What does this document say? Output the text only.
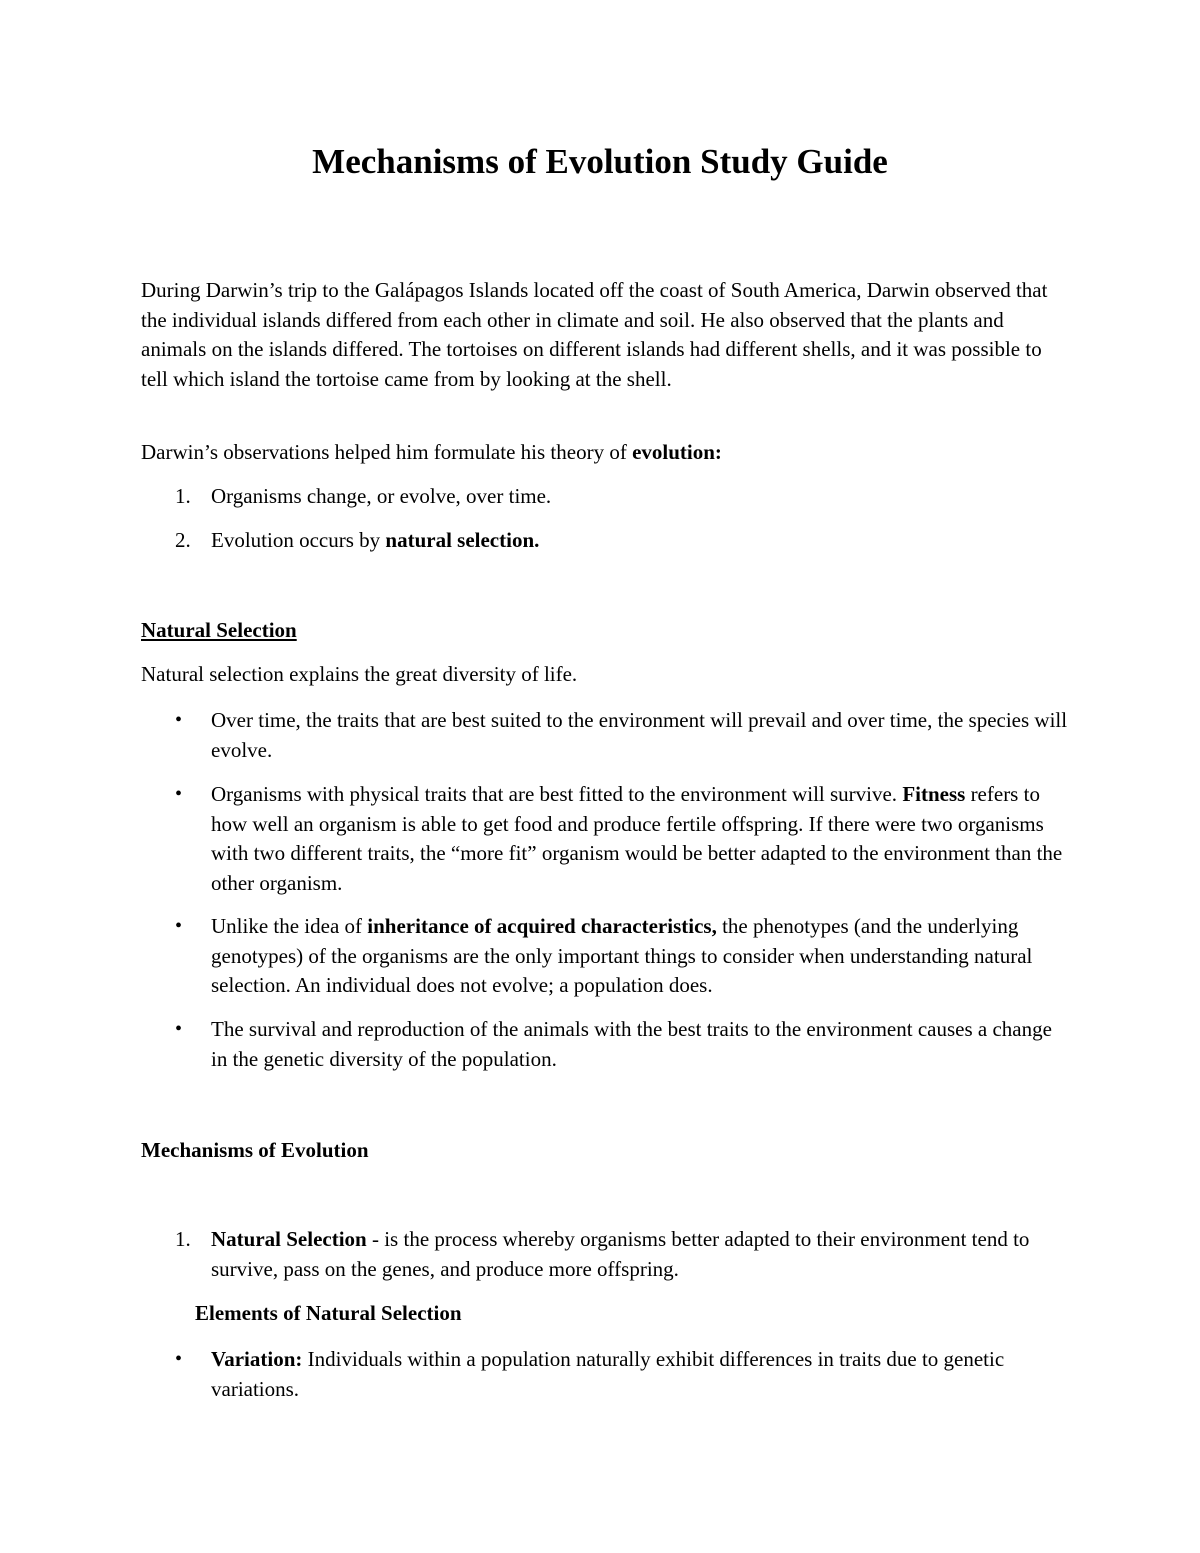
Mechanisms of Evolution Study Guide

During Darwin’s trip to the Galápagos Islands located off the coast of South America, Darwin observed that the individual islands differed from each other in climate and soil. He also observed that the plants and animals on the islands differed. The tortoises on different islands had different shells, and it was possible to tell which island the tortoise came from by looking at the shell.

Darwin’s observations helped him formulate his theory of evolution:

1. Organisms change, or evolve, over time.
2. Evolution occurs by natural selection.
Natural Selection

Natural selection explains the great diversity of life.

• Over time, the traits that are best suited to the environment will prevail and over time, the species will evolve.
• Organisms with physical traits that are best fitted to the environment will survive. Fitness refers to how well an organism is able to get food and produce fertile offspring. If there were two organisms with two different traits, the “more fit” organism would be better adapted to the environment than the other organism.
• Unlike the idea of inheritance of acquired characteristics, the phenotypes (and the underlying genotypes) of the organisms are the only important things to consider when understanding natural selection. An individual does not evolve; a population does.
• The survival and reproduction of the animals with the best traits to the environment causes a change in the genetic diversity of the population.
Mechanisms of Evolution
1. Natural Selection - is the process whereby organisms better adapted to their environment tend to survive, pass on the genes, and produce more offspring.
Elements of Natural Selection
• Variation: Individuals within a population naturally exhibit differences in traits due to genetic variations.
